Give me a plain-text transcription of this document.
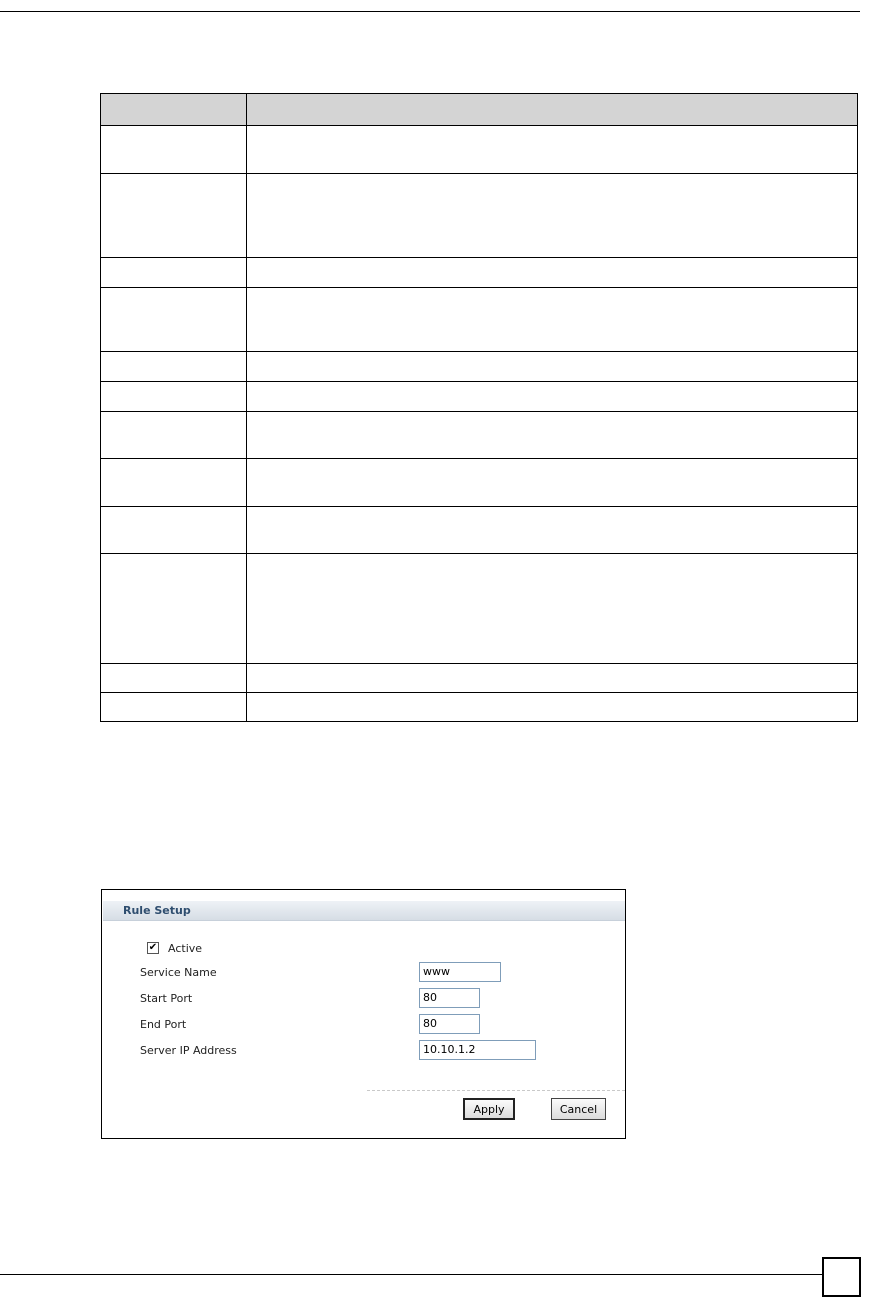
Rule Setup
✔ Active
Service Name	www
Start Port	80
End Port	80
Server IP Address	10.10.1.2
Apply	Cancel
